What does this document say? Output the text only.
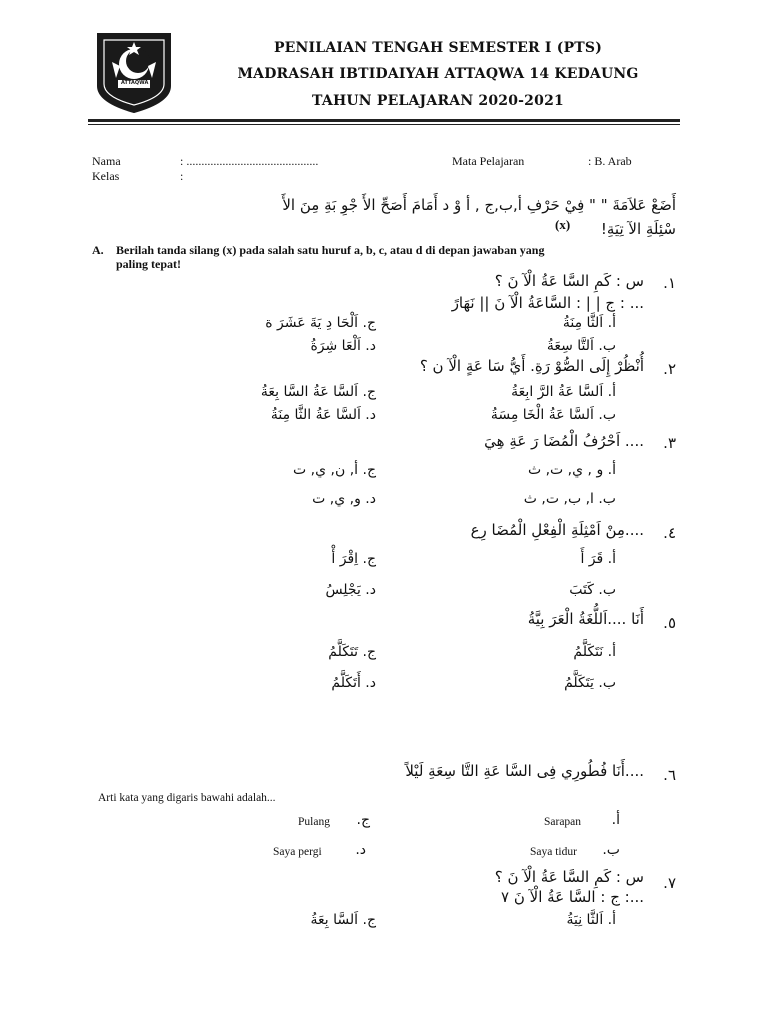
ATTAQWA
PENILAIAN TENGAH SEMESTER I (PTS)
MADRASAH IBTIDAIYAH ATTAQWA 14 KEDAUNG
TAHUN PELAJARAN 2020-2021
Nama	: ............................................
Kelas	:
Mata Pelajaran	: B. Arab
أَضَعْ عَلاَمَةَ " " فِيْ حَرْفِ أ,ب,ج , أ وْ د أَمَامَ أَصَحِّ الأَ جْوِ بَةِ مِنَ الأَ
سْئِلَةِ الآ تِيَةِ!
(x)
A. Berilah tanda silang (x) pada salah satu huruf a, b, c, atau d di depan jawaban yang
paling tepat!
١.
س : كَمِ السَّا عَةُ الْآ نَ ؟
... : ج | | : السَّاعَةُ الْآ نَ || نَهَارً
أ. اَلثَّا مِنَةُ
ب. اَلتَّا سِعَةُ
ج. اَلْحَا دِ يَةَ عَشَرَ ة
د. اَلْعَا شِرَةُ
٢.
أُنْظُرْ إِلَى الصُّوْ رَةِ. أَيُّ سَا عَةٍ الْآ ن ؟
أ. اَلسَّا عَةُ الرَّ ابِعَةُ
ب. اَلسَّا عَةُ الْخَا مِسَةُ
ج. اَلسَّا عَةُ السَّا بِعَةُ
د. اَلسَّا عَةُ الثَّا مِنَةُ
٣.
.... اَحْرُفُ الْمُضَا رَ عَةِ هِيَ
أ. و , ي, ت, ث
ب. ا, ب, ت, ث
ج. أ, ن, ي, ت
د. و, ي, ت
٤.
....مِنْ اَمْثِلَةِ الْفِعْلِ الْمُضَا رِع
أ. قَرَ أَ
ب. كَتَبَ
ج. اِقْرَ أْ
د. يَجْلِسُ
٥.
أَنَا ....اَللُّغَةُ الْعَرَ بِيَّةُ
أ. نَتَكَلَّمُ
ب. يَتَكَلَّمُ
ج. تَتَكَلَّمُ
د. أَتَكَلَّمُ
٦.
....أَنَا فُطُورِي فِى السَّا عَةِ التَّا سِعَةِ لَيْلاً
Arti kata yang digaris bawahi adalah...
أ.
Sarapan
ب.
Saya tidur
ج.
Pulang
د.
Saya pergi
٧.
س : كَمِ السَّا عَةُ الْآ نَ ؟
...: ج : السَّا عَةُ الْآ نَ ٧
أ. اَلثَّا نِيَةُ
ج. اَلسَّا بِعَةُ
